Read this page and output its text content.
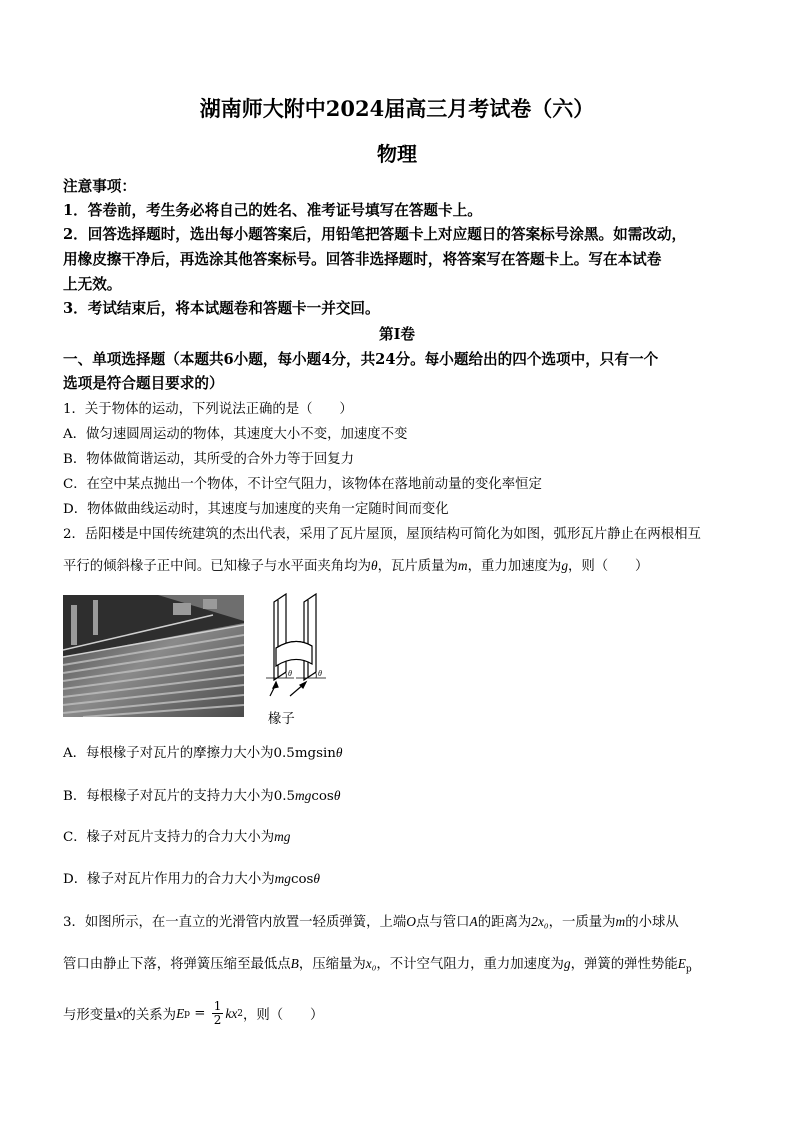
湖南师大附中2024届高三月考试卷（六）
物理
注意事项：
1．答卷前，考生务必将自己的姓名、准考证号填写在答题卡上。
2．回答选择题时，选出每小题答案后，用铅笔把答题卡上对应题日的答案标号涂黑。如需改动，
用橡皮擦干净后，再选涂其他答案标号。回答非选择题时，将答案写在答题卡上。写在本试卷
上无效。
3．考试结束后，将本试题卷和答题卡一并交回。
第Ⅰ卷
一、单项选择题（本题共6小题，每小题4分，共24分。每小题给出的四个选项中，只有一个
选项是符合题目要求的）
1．关于物体的运动，下列说法正确的是（　　）
A．做匀速圆周运动的物体，其速度大小不变，加速度不变
B．物体做简谐运动，其所受的合外力等于回复力
C．在空中某点抛出一个物体，不计空气阻力，该物体在落地前动量的变化率恒定
D．物体做曲线运动时，其速度与加速度的夹角一定随时间而变化
2．岳阳楼是中国传统建筑的杰出代表，采用了瓦片屋顶，屋顶结构可简化为如图，弧形瓦片静止在两根相互
平行的倾斜椽子正中间。已知椽子与水平面夹角均为θ，瓦片质量为m，重力加速度为g，则（　　）
θ	θ
椽子
A．每根椽子对瓦片的摩擦力大小为0.5mgsinθ
B．每根椽子对瓦片的支持力大小为0.5mgcosθ
C．椽子对瓦片支持力的合力大小为mg
D．椽子对瓦片作用力的合力大小为mgcosθ
3．如图所示，在一直立的光滑管内放置一轻质弹簧，上端O点与管口A的距离为2x₀，一质量为m的小球从
管口由静止下落，将弹簧压缩至最低点B，压缩量为x₀，不计空气阻力，重力加速度为g，弹簧的弹性势能$E_p$
与形变量 x 的关系为 E $p = \frac{1}{2}$ kx 2 ，则（　　）
